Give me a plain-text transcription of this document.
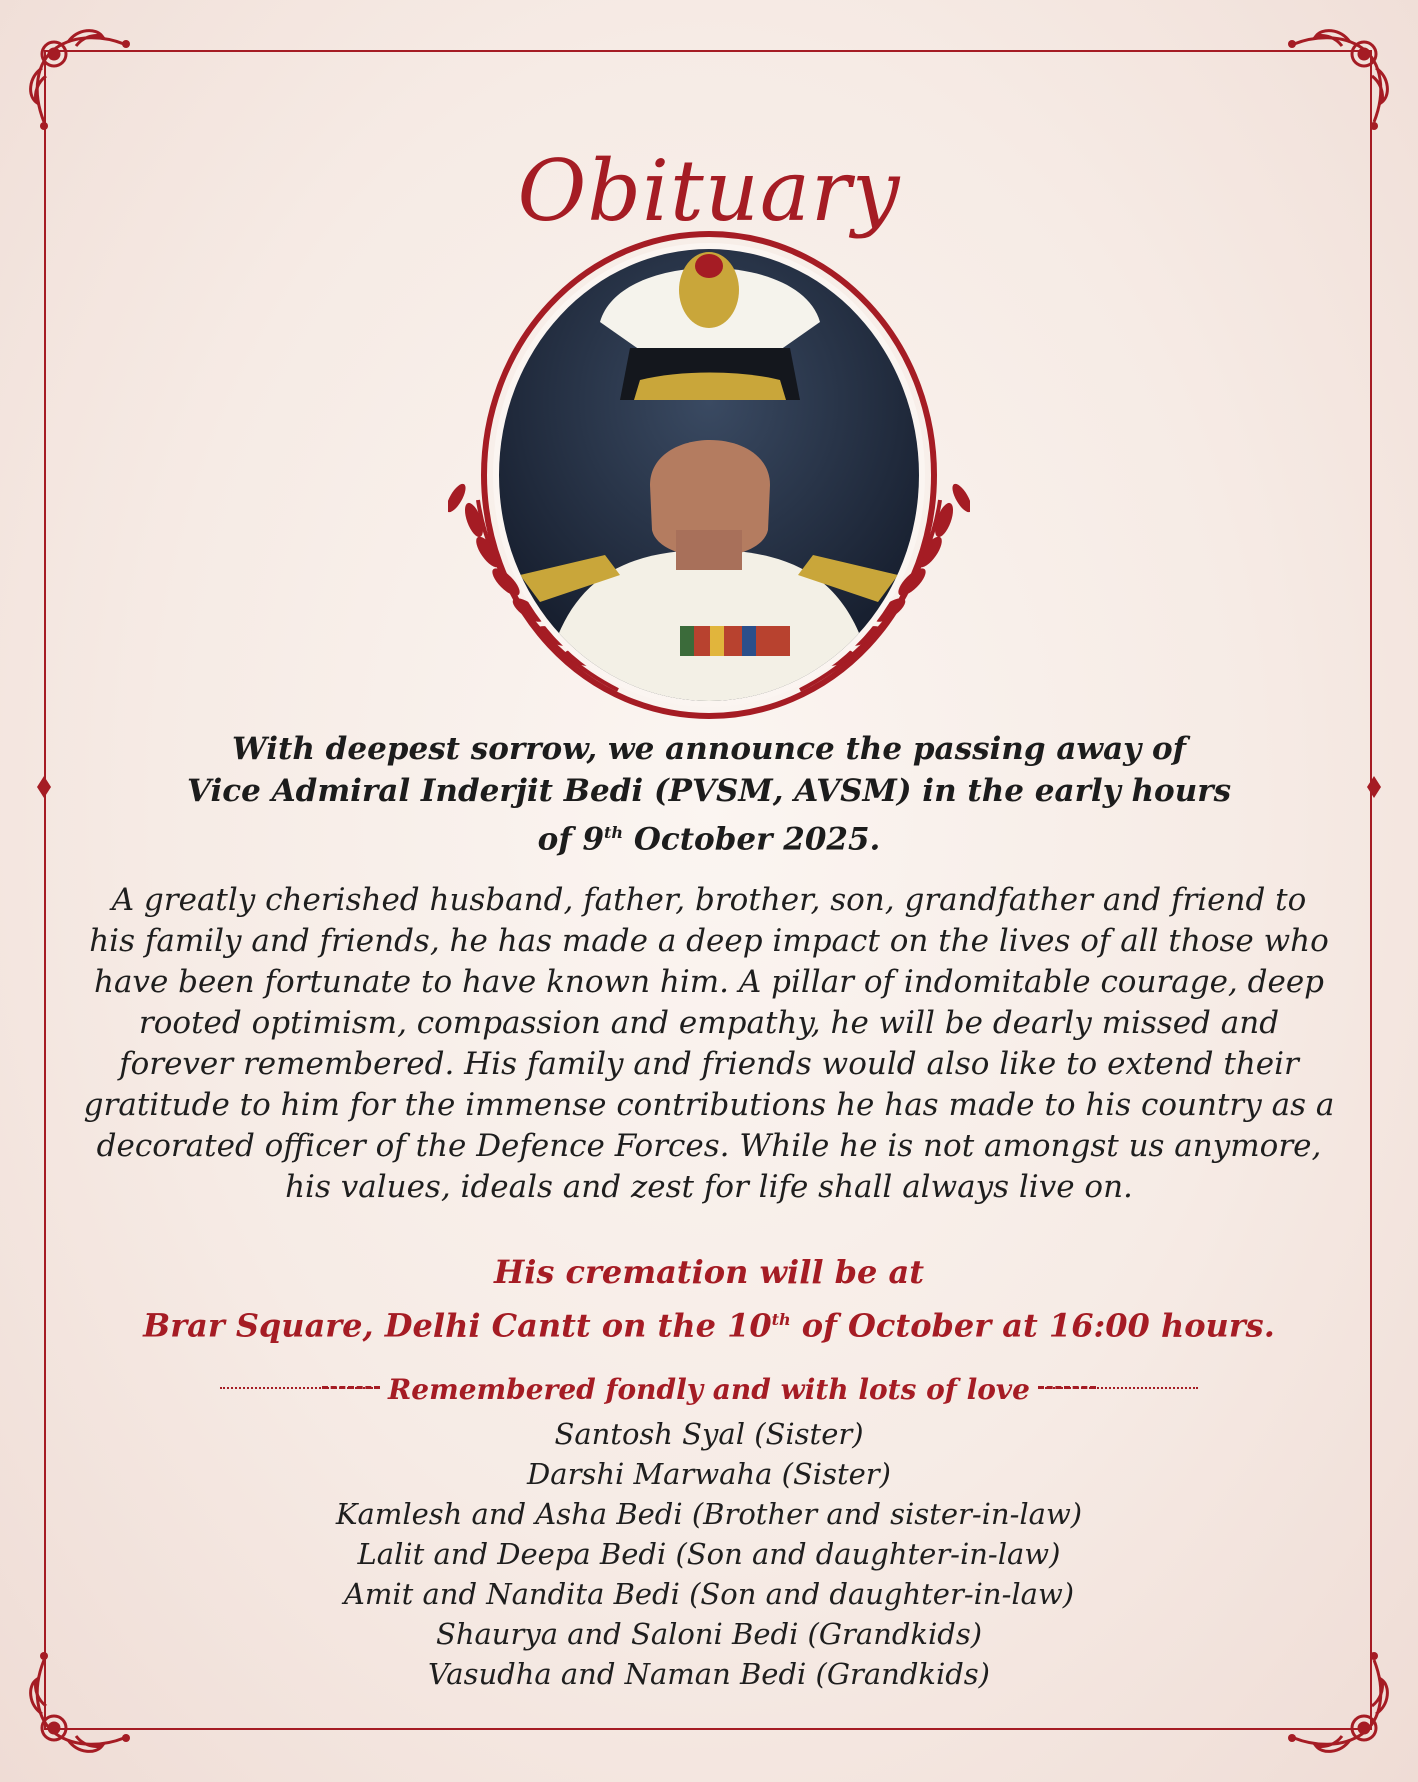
Obituary
With deepest sorrow, we announce the passing away of
Vice Admiral Inderjit Bedi (PVSM, AVSM) in the early hours
of 9th October 2025.
A greatly cherished husband, father, brother, son, grandfather and friend to
his family and friends, he has made a deep impact on the lives of all those who
have been fortunate to have known him. A pillar of indomitable courage, deep
rooted optimism, compassion and empathy, he will be dearly missed and
forever remembered. His family and friends would also like to extend their
gratitude to him for the immense contributions he has made to his country as a
decorated officer of the Defence Forces. While he is not amongst us anymore,
his values, ideals and zest for life shall always live on.
His cremation will be at
Brar Square, Delhi Cantt on the 10th of October at 16:00 hours.
Remembered fondly and with lots of love
Santosh Syal (Sister)
Darshi Marwaha (Sister)
Kamlesh and Asha Bedi (Brother and sister-in-law)
Lalit and Deepa Bedi (Son and daughter-in-law)
Amit and Nandita Bedi (Son and daughter-in-law)
Shaurya and Saloni Bedi (Grandkids)
Vasudha and Naman Bedi (Grandkids)
